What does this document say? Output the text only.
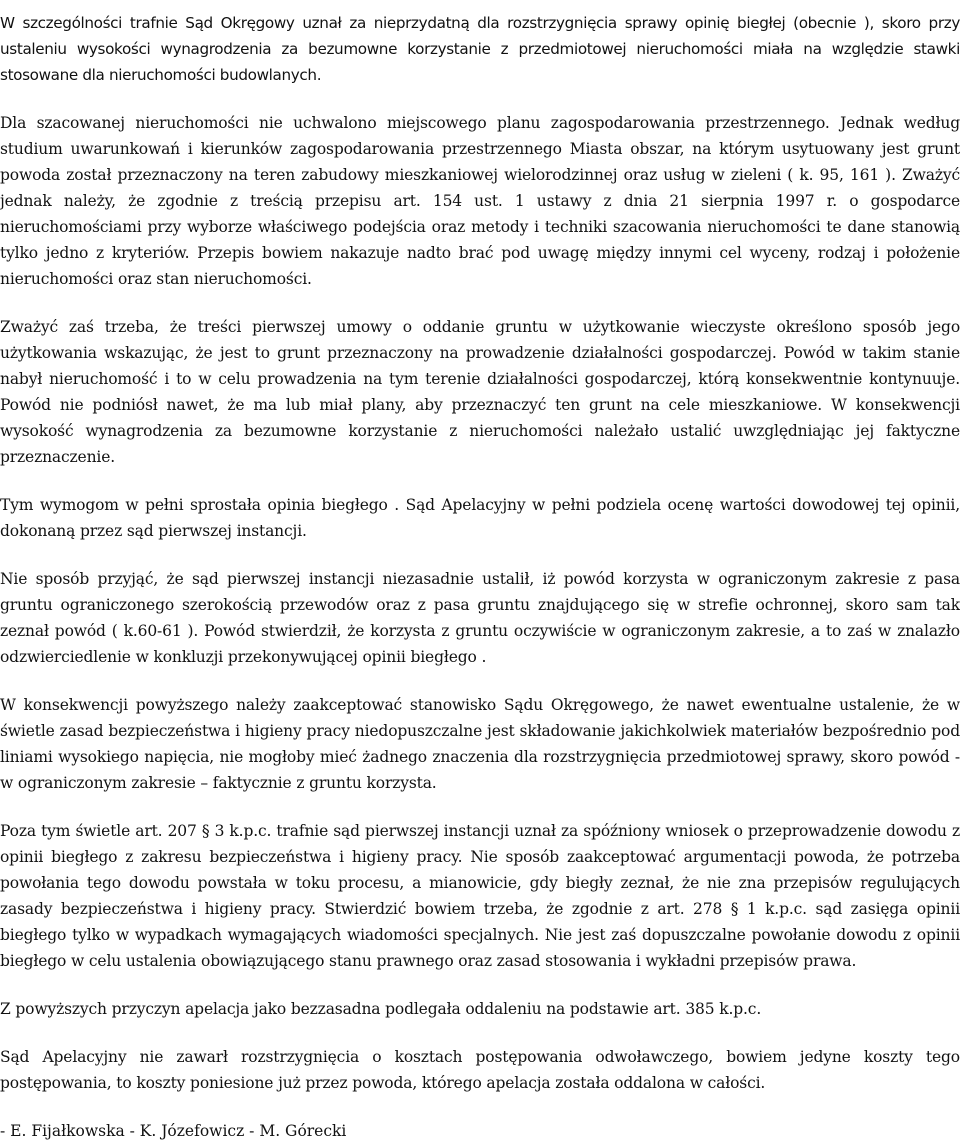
W szczególności trafnie Sąd Okręgowy uznał za nieprzydatną dla rozstrzygnięcia sprawy opinię biegłej (obecnie ), skoro przy ustaleniu wysokości wynagrodzenia za bezumowne korzystanie z przedmiotowej nieruchomości miała na względzie stawki stosowane dla nieruchomości budowlanych.

Dla szacowanej nieruchomości nie uchwalono miejscowego planu zagospodarowania przestrzennego. Jednak według studium uwarunkowań i kierunków zagospodarowania przestrzennego Miasta obszar, na którym usytuowany jest grunt powoda został przeznaczony na teren zabudowy mieszkaniowej wielorodzinnej oraz usług w zieleni ( k. 95, 161 ). Zważyć jednak należy, że zgodnie z treścią przepisu art. 154 ust. 1 ustawy z dnia 21 sierpnia 1997 r. o gospodarce nieruchomościami przy wyborze właściwego podejścia oraz metody i techniki szacowania nieruchomości te dane stanowią tylko jedno z kryteriów. Przepis bowiem nakazuje nadto brać pod uwagę między innymi cel wyceny, rodzaj i położenie nieruchomości oraz stan nieruchomości.

Zważyć zaś trzeba, że treści pierwszej umowy o oddanie gruntu w użytkowanie wieczyste określono sposób jego użytkowania wskazując, że jest to grunt przeznaczony na prowadzenie działalności gospodarczej. Powód w takim stanie nabył nieruchomość i to w celu prowadzenia na tym terenie działalności gospodarczej, którą konsekwentnie kontynuuje. Powód nie podniósł nawet, że ma lub miał plany, aby przeznaczyć ten grunt na cele mieszkaniowe. W konsekwencji wysokość wynagrodzenia za bezumowne korzystanie z nieruchomości należało ustalić uwzględniając jej faktyczne przeznaczenie.

Tym wymogom w pełni sprostała opinia biegłego . Sąd Apelacyjny w pełni podziela ocenę wartości dowodowej tej opinii, dokonaną przez sąd pierwszej instancji.

Nie sposób przyjąć, że sąd pierwszej instancji niezasadnie ustalił, iż powód korzysta w ograniczonym zakresie z pasa gruntu ograniczonego szerokością przewodów oraz z pasa gruntu znajdującego się w strefie ochronnej, skoro sam tak zeznał powód ( k.60-61 ). Powód stwierdził, że korzysta z gruntu oczywiście w ograniczonym zakresie, a to zaś w znalazło odzwierciedlenie w konkluzji przekonywującej opinii biegłego .

W konsekwencji powyższego należy zaakceptować stanowisko Sądu Okręgowego, że nawet ewentualne ustalenie, że w świetle zasad bezpieczeństwa i higieny pracy niedopuszczalne jest składowanie jakichkolwiek materiałów bezpośrednio pod liniami wysokiego napięcia, nie mogłoby mieć żadnego znaczenia dla rozstrzygnięcia przedmiotowej sprawy, skoro powód - w ograniczonym zakresie – faktycznie z gruntu korzysta.

Poza tym świetle art. 207 § 3 k.p.c. trafnie sąd pierwszej instancji uznał za spóźniony wniosek o przeprowadzenie dowodu z opinii biegłego z zakresu bezpieczeństwa i higieny pracy. Nie sposób zaakceptować argumentacji powoda, że potrzeba powołania tego dowodu powstała w toku procesu, a mianowicie, gdy biegły zeznał, że nie zna przepisów regulujących zasady bezpieczeństwa i higieny pracy. Stwierdzić bowiem trzeba, że zgodnie z art. 278 § 1 k.p.c. sąd zasięga opinii biegłego tylko w wypadkach wymagających wiadomości specjalnych. Nie jest zaś dopuszczalne powołanie dowodu z opinii biegłego w celu ustalenia obowiązującego stanu prawnego oraz zasad stosowania i wykładni przepisów prawa.

Z powyższych przyczyn apelacja jako bezzasadna podlegała oddaleniu na podstawie art. 385 k.p.c.

Sąd Apelacyjny nie zawarł rozstrzygnięcia o kosztach postępowania odwoławczego, bowiem jedyne koszty tego postępowania, to koszty poniesione już przez powoda, którego apelacja została oddalona w całości.

- E. Fijałkowska - K. Józefowicz - M. Górecki
